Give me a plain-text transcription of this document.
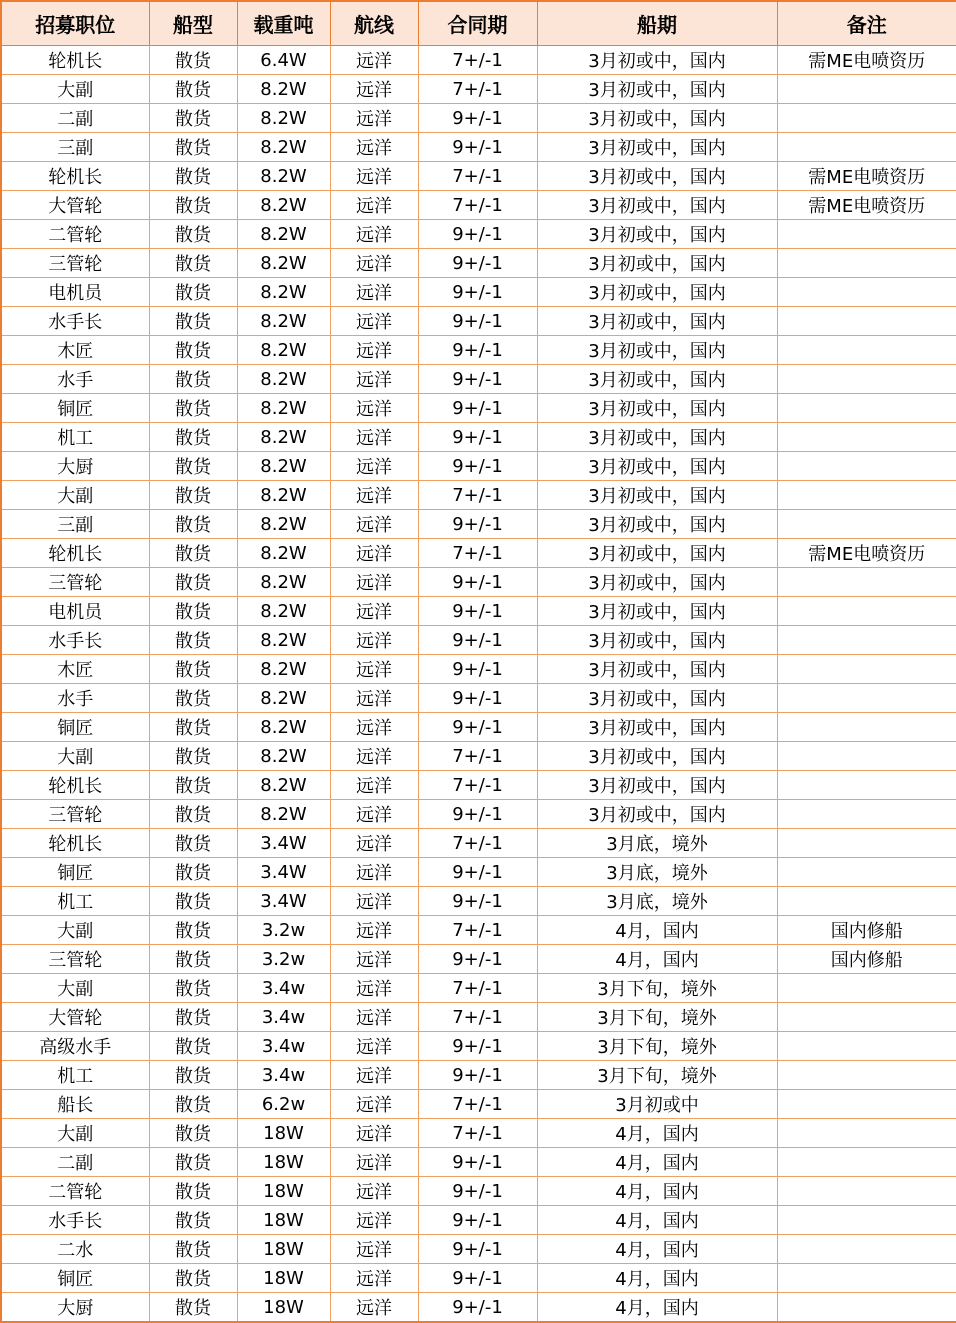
招募职位	船型	载重吨	航线	合同期	船期	备注
轮机长	散货	6.4W	远洋	7+/-1	3月初或中，国内	需ME电喷资历
大副	散货	8.2W	远洋	7+/-1	3月初或中，国内	
二副	散货	8.2W	远洋	9+/-1	3月初或中，国内	
三副	散货	8.2W	远洋	9+/-1	3月初或中，国内	
轮机长	散货	8.2W	远洋	7+/-1	3月初或中，国内	需ME电喷资历
大管轮	散货	8.2W	远洋	7+/-1	3月初或中，国内	需ME电喷资历
二管轮	散货	8.2W	远洋	9+/-1	3月初或中，国内	
三管轮	散货	8.2W	远洋	9+/-1	3月初或中，国内	
电机员	散货	8.2W	远洋	9+/-1	3月初或中，国内	
水手长	散货	8.2W	远洋	9+/-1	3月初或中，国内	
木匠	散货	8.2W	远洋	9+/-1	3月初或中，国内	
水手	散货	8.2W	远洋	9+/-1	3月初或中，国内	
铜匠	散货	8.2W	远洋	9+/-1	3月初或中，国内	
机工	散货	8.2W	远洋	9+/-1	3月初或中，国内	
大厨	散货	8.2W	远洋	9+/-1	3月初或中，国内	
大副	散货	8.2W	远洋	7+/-1	3月初或中，国内	
三副	散货	8.2W	远洋	9+/-1	3月初或中，国内	
轮机长	散货	8.2W	远洋	7+/-1	3月初或中，国内	需ME电喷资历
三管轮	散货	8.2W	远洋	9+/-1	3月初或中，国内	
电机员	散货	8.2W	远洋	9+/-1	3月初或中，国内	
水手长	散货	8.2W	远洋	9+/-1	3月初或中，国内	
木匠	散货	8.2W	远洋	9+/-1	3月初或中，国内	
水手	散货	8.2W	远洋	9+/-1	3月初或中，国内	
铜匠	散货	8.2W	远洋	9+/-1	3月初或中，国内	
大副	散货	8.2W	远洋	7+/-1	3月初或中，国内	
轮机长	散货	8.2W	远洋	7+/-1	3月初或中，国内	
三管轮	散货	8.2W	远洋	9+/-1	3月初或中，国内	
轮机长	散货	3.4W	远洋	7+/-1	3月底，境外	
铜匠	散货	3.4W	远洋	9+/-1	3月底，境外	
机工	散货	3.4W	远洋	9+/-1	3月底，境外	
大副	散货	3.2w	远洋	7+/-1	4月，国内	国内修船
三管轮	散货	3.2w	远洋	9+/-1	4月，国内	国内修船
大副	散货	3.4w	远洋	7+/-1	3月下旬，境外	
大管轮	散货	3.4w	远洋	7+/-1	3月下旬，境外	
高级水手	散货	3.4w	远洋	9+/-1	3月下旬，境外	
机工	散货	3.4w	远洋	9+/-1	3月下旬，境外	
船长	散货	6.2w	远洋	7+/-1	3月初或中	
大副	散货	18W	远洋	7+/-1	4月，国内	
二副	散货	18W	远洋	9+/-1	4月，国内	
二管轮	散货	18W	远洋	9+/-1	4月，国内	
水手长	散货	18W	远洋	9+/-1	4月，国内	
二水	散货	18W	远洋	9+/-1	4月，国内	
铜匠	散货	18W	远洋	9+/-1	4月，国内	
大厨	散货	18W	远洋	9+/-1	4月，国内	
